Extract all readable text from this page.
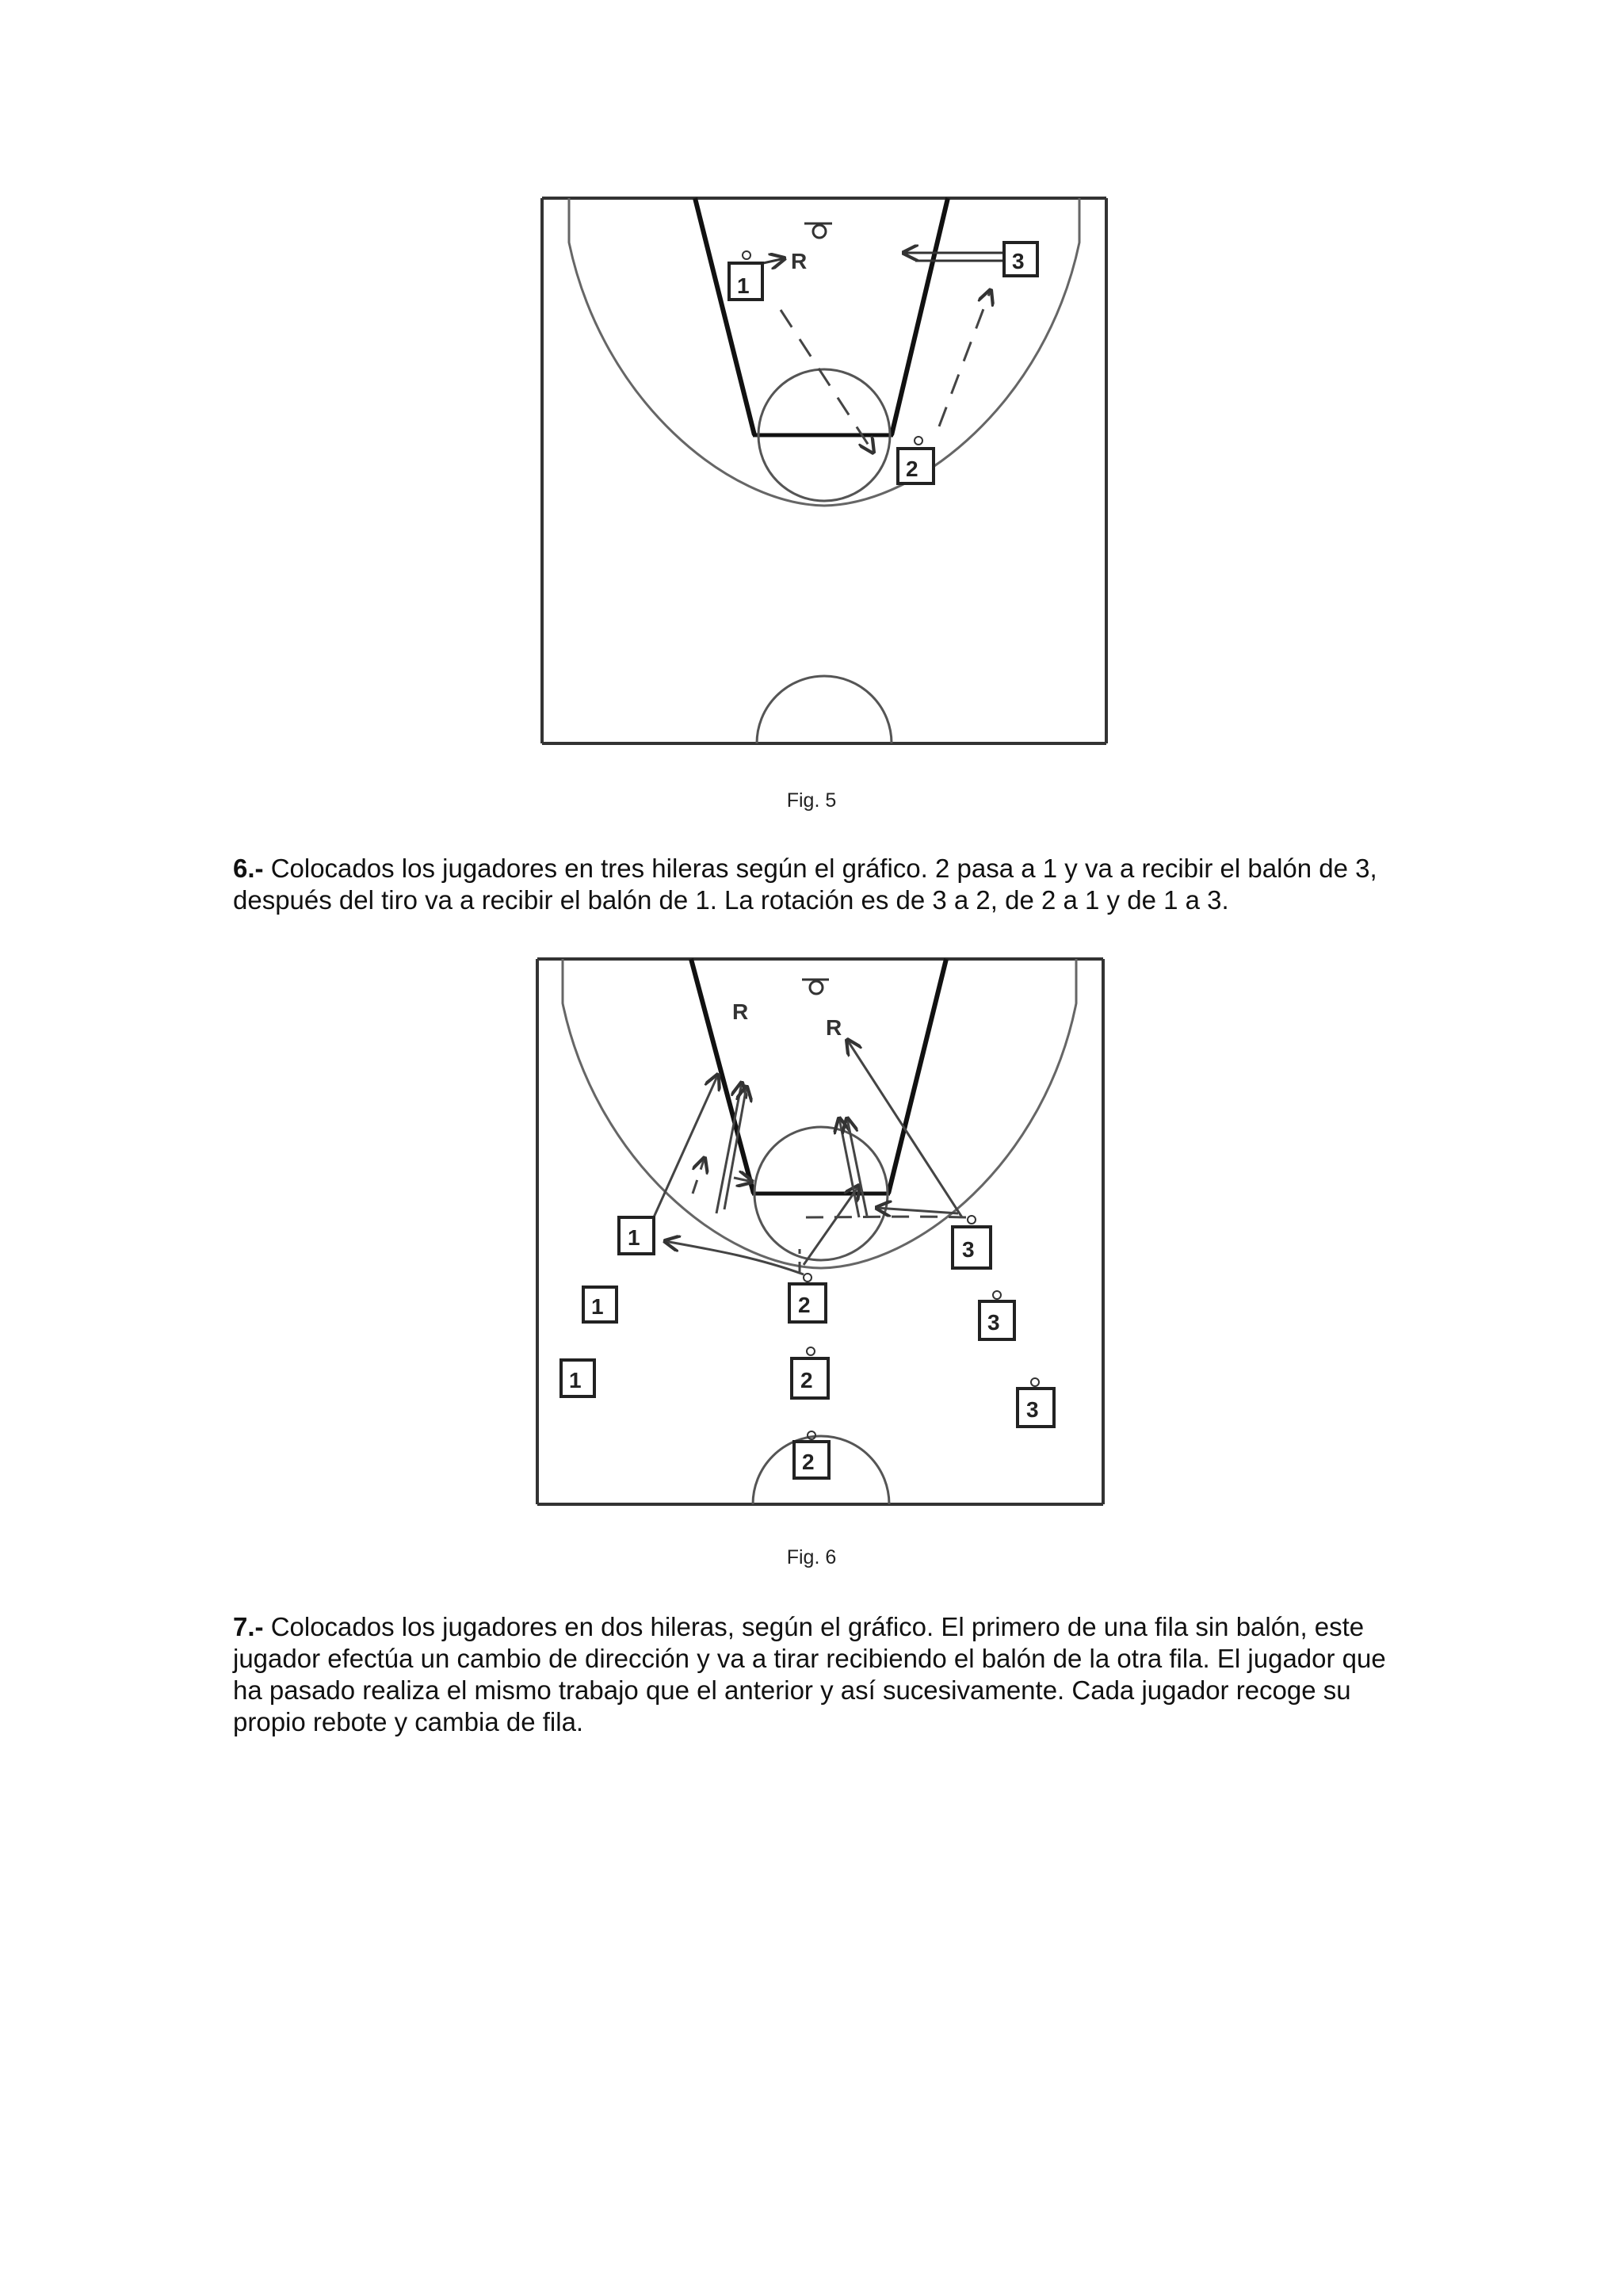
1
2
3
R
Fig. 5
6.- Colocados los jugadores en tres hileras según el gráfico. 2 pasa a 1 y va a recibir el balón de 3, después del tiro va a recibir el balón de 1. La rotación es de 3 a 2, de 2 a 1 y de 1 a 3.
1
1
1
2
2
2
3
3
3
R
R
Fig. 6
7.- Colocados los jugadores en dos hileras, según el gráfico. El primero de una fila sin balón, este jugador efectúa un cambio de dirección y va a tirar recibiendo el balón de la otra fila. El jugador que ha pasado realiza el mismo trabajo que el anterior y así sucesivamente. Cada jugador recoge su propio rebote y cambia de fila.
